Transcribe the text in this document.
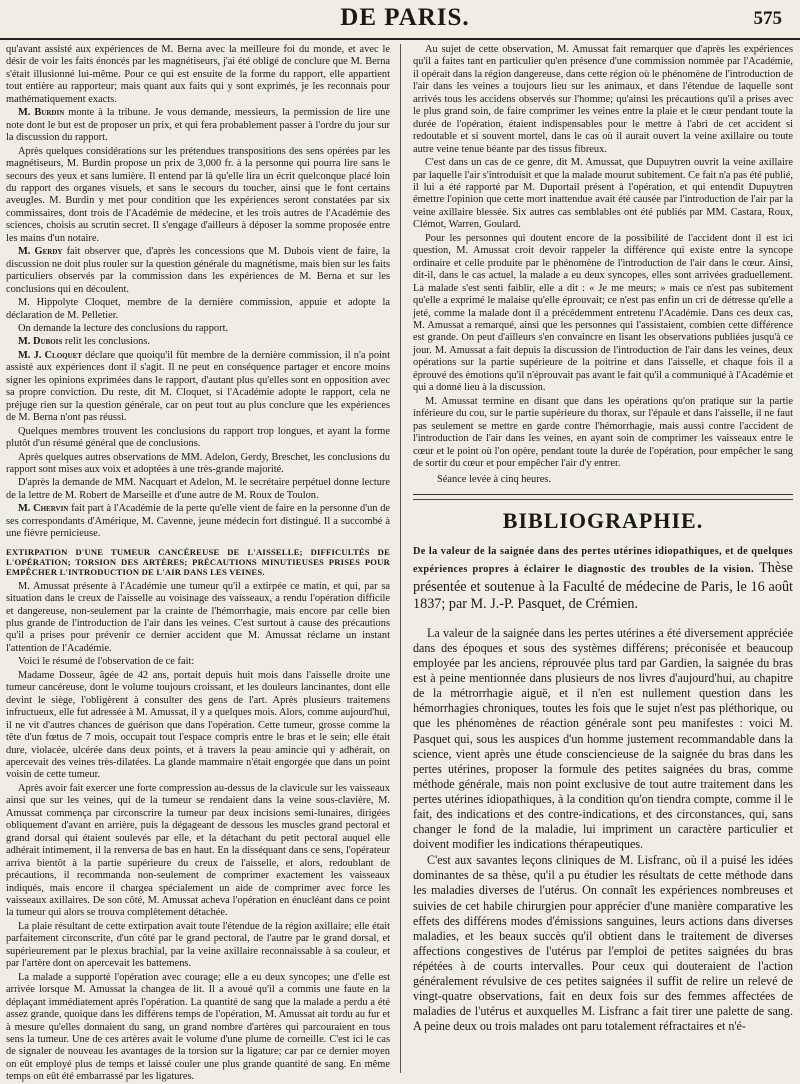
DE PARIS.	575

qu'avant assisté aux expériences de M. Berna avec la meilleure foi du monde, et avec le désir de voir les faits énoncés par les magnétiseurs, j'ai été obligé de conclure que M. Berna s'était illusionné lui-même. Pour ce qui est ensuite de la forme du rapport, elle appartient tout entière au rapporteur; mais quant aux faits qui y sont exprimés, je les reconnais pour mathématiquement exacts.

M. Burdin monte à la tribune. Je vous demande, messieurs, la permission de lire une note dont le but est de proposer un prix, et qui fera probablement passer à l'ordre du jour sur la discussion du rapport.

Après quelques considérations sur les prétendues transpositions des sens opérées par les magnétiseurs, M. Burdin propose un prix de 3,000 fr. à la personne qui pourra lire sans le secours des yeux et sans lumière. Il entend par là qu'elle lira un écrit quelconque placé loin du rapport des organes visuels, et sans le secours du toucher, ainsi que le font certains aveugles. M. Burdin y met pour condition que les expériences seront constatées par six commissaires, dont trois de l'Académie de médecine, et les trois autres de l'Académie des sciences, choisis au scrutin secret. Il s'engage d'ailleurs à déposer la somme proposée entre les mains d'un notaire.

M. Gerdy fait observer que, d'après les concessions que M. Dubois vient de faire, la discussion ne doit plus rouler sur la question générale du magnétisme, mais bien sur les faits particuliers observés par la commission dans les expériences de M. Berna et sur les conclusions qui en découlent.

M. Hippolyte Cloquet, membre de la dernière commission, appuie et adopte la déclaration de M. Pelletier.

On demande la lecture des conclusions du rapport.

M. Dubois relit les conclusions.

M. J. Cloquet déclare que quoiqu'il fût membre de la dernière commission, il n'a point assisté aux expériences dont il s'agit. Il ne peut en conséquence partager et encore moins signer les opinions exprimées dans le rapport, d'autant plus qu'elles sont en opposition avec sa propre conviction. Du reste, dit M. Cloquet, si l'Académie adopte le rapport, cela ne préjuge rien sur la question générale, car on peut tout au plus conclure que les expériences de M. Berna n'ont pas réussi.

Quelques membres trouvent les conclusions du rapport trop longues, et ayant la forme plutôt d'un résumé général que de conclusions.

Après quelques autres observations de MM. Adelon, Gerdy, Breschet, les conclusions du rapport sont mises aux voix et adoptées à une très-grande majorité.

D'après la demande de MM. Nacquart et Adelon, M. le secrétaire perpétuel donne lecture de la lettre de M. Robert de Marseille et d'une autre de M. Roux de Toulon.

M. Chervin fait part à l'Académie de la perte qu'elle vient de faire en la personne d'un de ses correspondants d'Amérique, M. Cavenne, jeune médecin fort distingué. Il a succombé à une fièvre pernicieuse.

EXTIRPATION D'UNE TUMEUR CANCÉREUSE DE L'AISSELLE; DIFFICULTÉS DE L'OPÉRATION; TORSION DES ARTÈRES; PRÉCAUTIONS MINUTIEUSES PRISES POUR EMPÊCHER L'INTRODUCTION DE L'AIR DANS LES VEINES.

M. Amussat présente à l'Académie une tumeur qu'il a extirpée ce matin, et qui, par sa situation dans le creux de l'aisselle au voisinage des vaisseaux, a rendu l'opération difficile et dangereuse, non-seulement par la crainte de l'hémorrhagie, mais encore par celle bien plus grande de l'introduction de l'air dans les veines. C'est surtout à cause des précautions qu'il a prises pour prévenir ce dernier accident que M. Amussat réclame un instant l'attention de l'Académie.

Voici le résumé de l'observation de ce fait:

Madame Dosseur, âgée de 42 ans, portait depuis huit mois dans l'aisselle droite une tumeur cancéreuse, dont le volume toujours croissant, et les douleurs lancinantes, dont elle devint le siège, l'obligèrent à consulter des gens de l'art. Après plusieurs traitemens infructueux, elle fut adressée à M. Amussat, il y a quelques mois. Alors, comme aujourd'hui, il ne vit d'autres chances de guérison que dans l'opération. Cette tumeur, grosse comme la tête d'un fœtus de 7 mois, occupait tout l'espace compris entre le bras et le sein; elle était dure, violacée, ulcérée dans deux points, et à travers la peau amincie qui y adhérait, on apercevait des veines très-dilatées. La glande mammaire n'était engorgée que dans un point voisin de cette tumeur.

Après avoir fait exercer une forte compression au-dessus de la clavicule sur les vaisseaux ainsi que sur les veines, qui de la tumeur se rendaient dans la veine sous-clavière, M. Amussat commença par circonscrire la tumeur par deux incisions semi-lunaires, dirigées obliquement d'avant en arrière, puis la dégageant de dessous les muscles grand pectoral et grand dorsal qui étaient soulevés par elle, et la détachant du petit pectoral auquel elle adhérait intimement, il la renversa de bas en haut. En la disséquant dans ce sens, l'opérateur arriva bientôt à la partie supérieure du creux de l'aisselle, et alors, redoublant de précautions, il recommanda non-seulement de comprimer exactement les vaisseaux indiqués, mais encore il chargea spécialement un aide de comprimer avec force les vaisseaux axillaires. De son côté, M. Amussat acheva l'opération en énucléant dans ce point la tumeur qui alors se trouva complètement détachée.

La plaie résultant de cette extirpation avait toute l'étendue de la région axillaire; elle était parfaitement circonscrite, d'un côté par le grand pectoral, de l'autre par le grand dorsal, et supérieurement par le plexus brachial, par la veine axillaire reconnaissable à sa couleur, et par l'artère dont on apercevait les battemens.

La malade a supporté l'opération avec courage; elle a eu deux syncopes; une d'elle est arrivée lorsque M. Amussat la changea de lit. Il a avoué qu'il a commis une faute en la déplaçant immédiatement après l'opération. La quantité de sang que la malade a perdu a été assez grande, quoique dans les différens temps de l'opération, M. Amussat ait tordu au fur et à mesure qu'elles donnaient du sang, un grand nombre d'artères qui parcouraient en tous sens la tumeur. Une de ces artères avait le volume d'une plume de corneille. C'est ici le cas de signaler de nouveau les avantages de la torsion sur la ligature; car par ce dernier moyen on eût employé plus de temps et laissé couler une plus grande quantité de sang. En même temps on eût été embarrassé par les ligatures.

Au sujet de cette observation, M. Amussat fait remarquer que d'après les expériences qu'il a faites tant en particulier qu'en présence d'une commission nommée par l'Académie, il opérait dans la région dangereuse, dans cette région où le phénomène de l'introduction de l'air dans les veines a toujours lieu sur les animaux, et dans l'étendue de laquelle sont arrivés tous les accidens observés sur l'homme; qu'ainsi les précautions qu'il a prises avec le plus grand soin, de faire comprimer les veines entre la plaie et le cœur pendant toute la durée de l'opération, étaient indispensables pour le mettre à l'abri de cet accident si redoutable et si souvent mortel, dans le cas où il aurait ouvert la veine axillaire ou toute autre veine tenue béante par des tissus fibreux.

C'est dans un cas de ce genre, dit M. Amussat, que Dupuytren ouvrit la veine axillaire par laquelle l'air s'introduisit et que la malade mourut subitement. Ce fait n'a pas été publié, il lui a été rapporté par M. Duportail présent à l'opération, et qui entendit Dupuytren émettre l'opinion que cette mort inattendue avait été causée par l'introduction de l'air par la veine axillaire blessée. Six autres cas semblables ont été publiés par MM. Castara, Roux, Clémot, Warren, Goulard.

Pour les personnes qui doutent encore de la possibilité de l'accident dont il est ici question, M. Amussat croit devoir rappeler la différence qui existe entre la syncope ordinaire et celle produite par le phénomène de l'introduction de l'air dans le cœur. Ainsi, dit-il, dans le cas actuel, la malade a eu deux syncopes, elles sont arrivées graduellement. La malade s'est senti faiblir, elle a dit : « Je me meurs; » mais ce n'est pas subitement qu'elle a exprimé le malaise qu'elle éprouvait; ce n'est pas enfin un cri de détresse qu'elle a jeté, comme la malade dont il a précédemment entretenu l'Académie. Dans ces deux cas, M. Amussat a remarqué, ainsi que les personnes qui l'assistaient, combien cette différence est grande. On peut d'ailleurs s'en convaincre en lisant les observations publiées jusqu'à ce jour. M. Amussat a fait depuis la discussion de l'introduction de l'air dans les veines, deux opérations sur la partie supérieure de la poitrine et dans l'aisselle, et chaque fois il a éprouvé des émotions qu'il n'éprouvait pas avant le fait qu'il a communiqué à l'Académie et qui a donné lieu à la discussion.

M. Amussat termine en disant que dans les opérations qu'on pratique sur la partie inférieure du cou, sur le partie supérieure du thorax, sur l'épaule et dans l'aisselle, il ne faut pas seulement se mettre en garde contre l'hémorrhagie, mais aussi contre l'accident de l'introduction de l'air dans les veines, en ayant soin de comprimer les vaisseaux entre le cœur et le point où l'on opère, pendant toute la durée de l'opération, pour empêcher le sang de sortir du cœur et pour empêcher l'air d'y entrer.

Séance levée à cinq heures.

BIBLIOGRAPHIE.
De la valeur de la saignée dans des pertes utérines idiopathiques, et de quelques expériences propres à éclairer le diagnostic des troubles de la vision. Thèse présentée et soutenue à la Faculté de médecine de Paris, le 16 août 1837; par M. J.-P. Pasquet, de Crémien.

La valeur de la saignée dans les pertes utérines a été diversement appréciée dans des époques et sous des systèmes différens; préconisée et beaucoup employée par les anciens, réprouvée plus tard par Gardien, la saignée du bras est à peine mentionnée dans plusieurs de nos livres d'aujourd'hui, au chapitre de la métrorrhagie aiguë, et il n'en est nullement question dans les hémorrhagies chroniques, toutes les fois que le sujet n'est pas pléthorique, ou que les phénomènes de réaction générale sont peu manifestes : voici M. Pasquet qui, sous les auspices d'un homme justement recommandable dans la science, vient après une étude consciencieuse de la saignée du bras dans les pertes utérines, proposer la formule des petites saignées du bras, comme méthode générale, mais non point exclusive de tout autre traitement dans les pertes utérines idiopathiques, à la condition qu'on tiendra compte, comme il le fait, des indications et des contre-indications, et des circonstances, qui, sans changer le fond de la maladie, lui impriment un caractère particulier et doivent modifier les indications thérapeutiques.

C'est aux savantes leçons cliniques de M. Lisfranc, où il a puisé les idées dominantes de sa thèse, qu'il a pu étudier les résultats de cette méthode dans les maladies diverses de l'utérus. On connaît les expériences nombreuses et suivies de cet habile chirurgien pour apprécier d'une manière comparative les effets des différens modes d'émissions sanguines, leurs actions dans diverses maladies, et les beaux succès qu'il obtient dans le traitement de diverses affections congestives de l'utérus par l'emploi de petites saignées du bras répétées à de courts intervalles. Pour ceux qui douteraient de l'action généralement révulsive de ces petites saignées il suffit de relire un relevé de vingt-quatre observations, fait en deux fois sur des femmes affectées de maladies de l'utérus et auxquelles M. Lisfranc a fait tirer une palette de sang. A peine deux ou trois malades ont paru totalement réfractaires et n'é-
